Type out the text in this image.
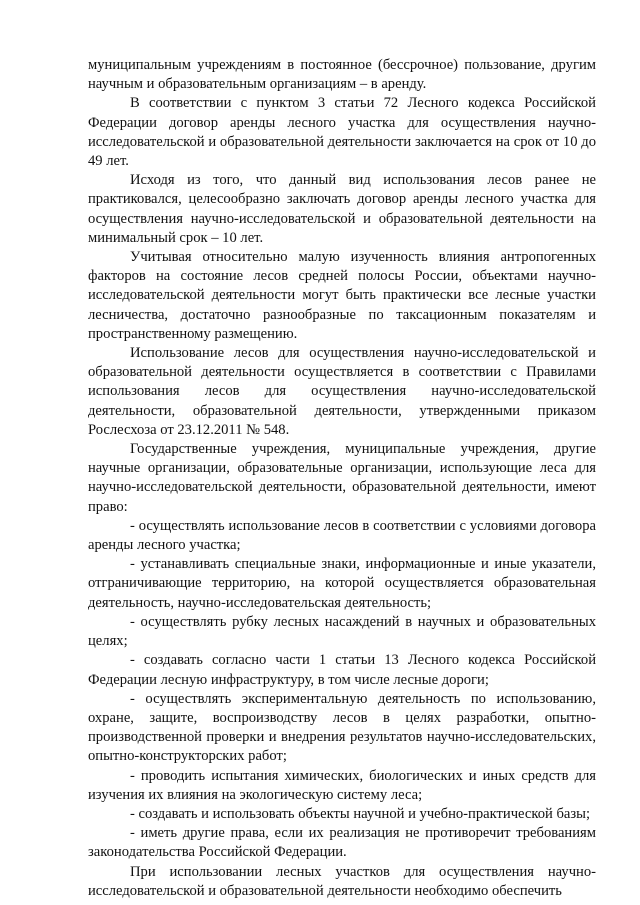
муниципальным учреждениям в постоянное (бессрочное) пользование, другим научным и образовательным организациям – в аренду.

В соответствии с пунктом 3 статьи 72 Лесного кодекса Российской Федерации договор аренды лесного участка для осуществления научно-исследовательской и образовательной деятельности заключается на срок от 10 до 49 лет.

Исходя из того, что данный вид использования лесов ранее не практиковался, целесообразно заключать договор аренды лесного участка для осуществления научно-исследовательской и образовательной деятельности на минимальный срок – 10 лет.

Учитывая относительно малую изученность влияния антропогенных факторов на состояние лесов средней полосы России, объектами научно-исследовательской деятельности могут быть практически все лесные участки лесничества, достаточно разнообразные по таксационным показателям и пространственному размещению.

Использование лесов для осуществления научно-исследовательской и образовательной деятельности осуществляется в соответствии с Правилами использования лесов для осуществления научно-исследовательской деятельности, образовательной деятельности, утвержденными приказом Рослесхоза от 23.12.2011 № 548.

Государственные учреждения, муниципальные учреждения, другие научные организации, образовательные организации, использующие леса для научно-исследовательской деятельности, образовательной деятельности, имеют право:

- осуществлять использование лесов в соответствии с условиями договора аренды лесного участка;

- устанавливать специальные знаки, информационные и иные указатели, отграничивающие территорию, на которой осуществляется образовательная деятельность, научно-исследовательская деятельность;

- осуществлять рубку лесных насаждений в научных и образовательных целях;

- создавать согласно части 1 статьи 13 Лесного кодекса Российской Федерации лесную инфраструктуру, в том числе лесные дороги;

- осуществлять экспериментальную деятельность по использованию, охране, защите, воспроизводству лесов в целях разработки, опытно-производственной проверки и внедрения результатов научно-исследовательских, опытно-конструкторских работ;

- проводить испытания химических, биологических и иных средств для изучения их влияния на экологическую систему леса;

- создавать и использовать объекты научной и учебно-практической базы;

- иметь другие права, если их реализация не противоречит требованиям законодательства Российской Федерации.

При использовании лесных участков для осуществления научно-исследовательской и образовательной деятельности необходимо обеспечить
